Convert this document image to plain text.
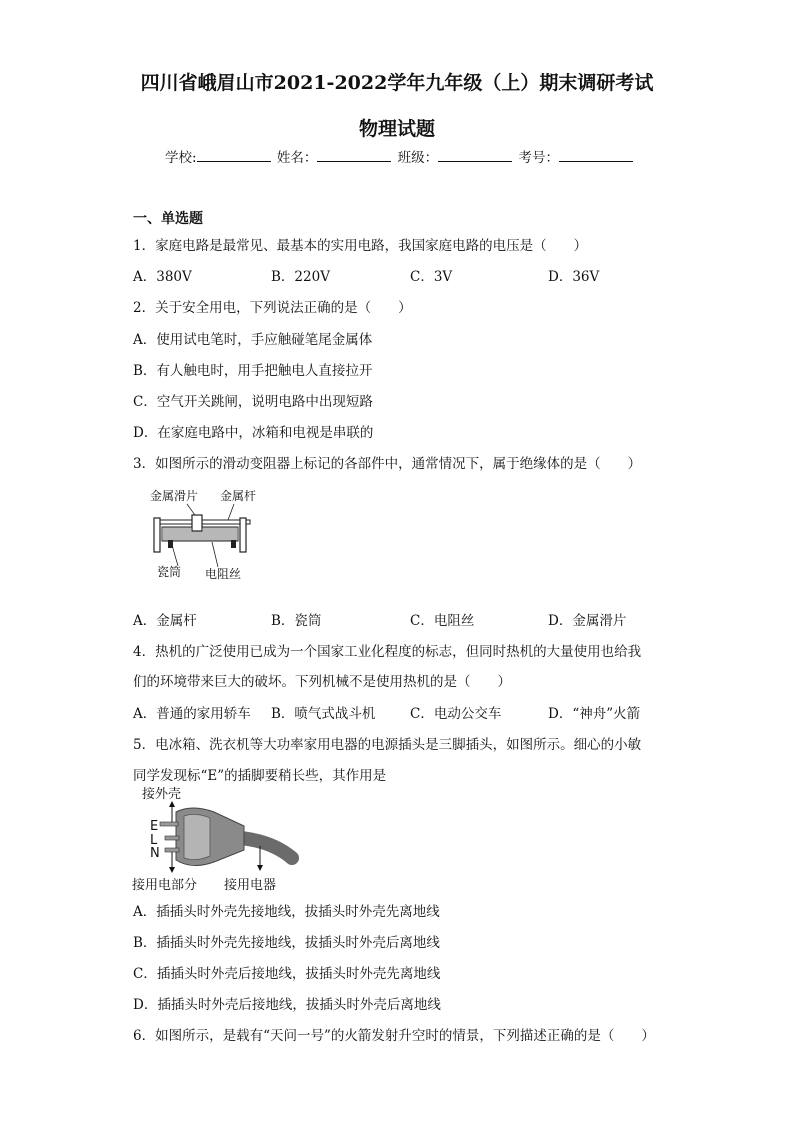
四川省峨眉山市2021-2022学年九年级（上）期末调研考试
物理试题
学校:	姓名：	班级：	考号：
一、单选题
1．家庭电路是最常见、最基本的实用电路，我国家庭电路的电压是（　　）
A．380V	B．220V	C．3V	D．36V
2．关于安全用电，下列说法正确的是（　　）
A．使用试电笔时，手应触碰笔尾金属体
B．有人触电时，用手把触电人直接拉开
C．空气开关跳闸，说明电路中出现短路
D．在家庭电路中，冰箱和电视是串联的
3．如图所示的滑动变阻器上标记的各部件中，通常情况下，属于绝缘体的是（　　）
金属滑片 金属杆
瓷筒 电阻丝
A．金属杆	B．瓷筒	C．电阻丝	D．金属滑片
4．热机的广泛使用已成为一个国家工业化程度的标志，但同时热机的大量使用也给我
们的环境带来巨大的破坏。下列机械不是使用热机的是（　　）
A．普通的家用轿车 B．喷气式战斗机	C．电动公交车	D．“神舟”火箭
5．电冰箱、洗衣机等大功率家用电器的电源插头是三脚插头，如图所示。细心的小敏
同学发现标“E”的插脚要稍长些，其作用是
接外壳
E
L
N
接用电部分 接用电器
A．插插头时外壳先接地线，拔插头时外壳先离地线
B．插插头时外壳先接地线，拔插头时外壳后离地线
C．插插头时外壳后接地线，拔插头时外壳先离地线
D．插插头时外壳后接地线，拔插头时外壳后离地线
6．如图所示，是载有“天问一号”的火箭发射升空时的情景，下列描述正确的是（　　）
